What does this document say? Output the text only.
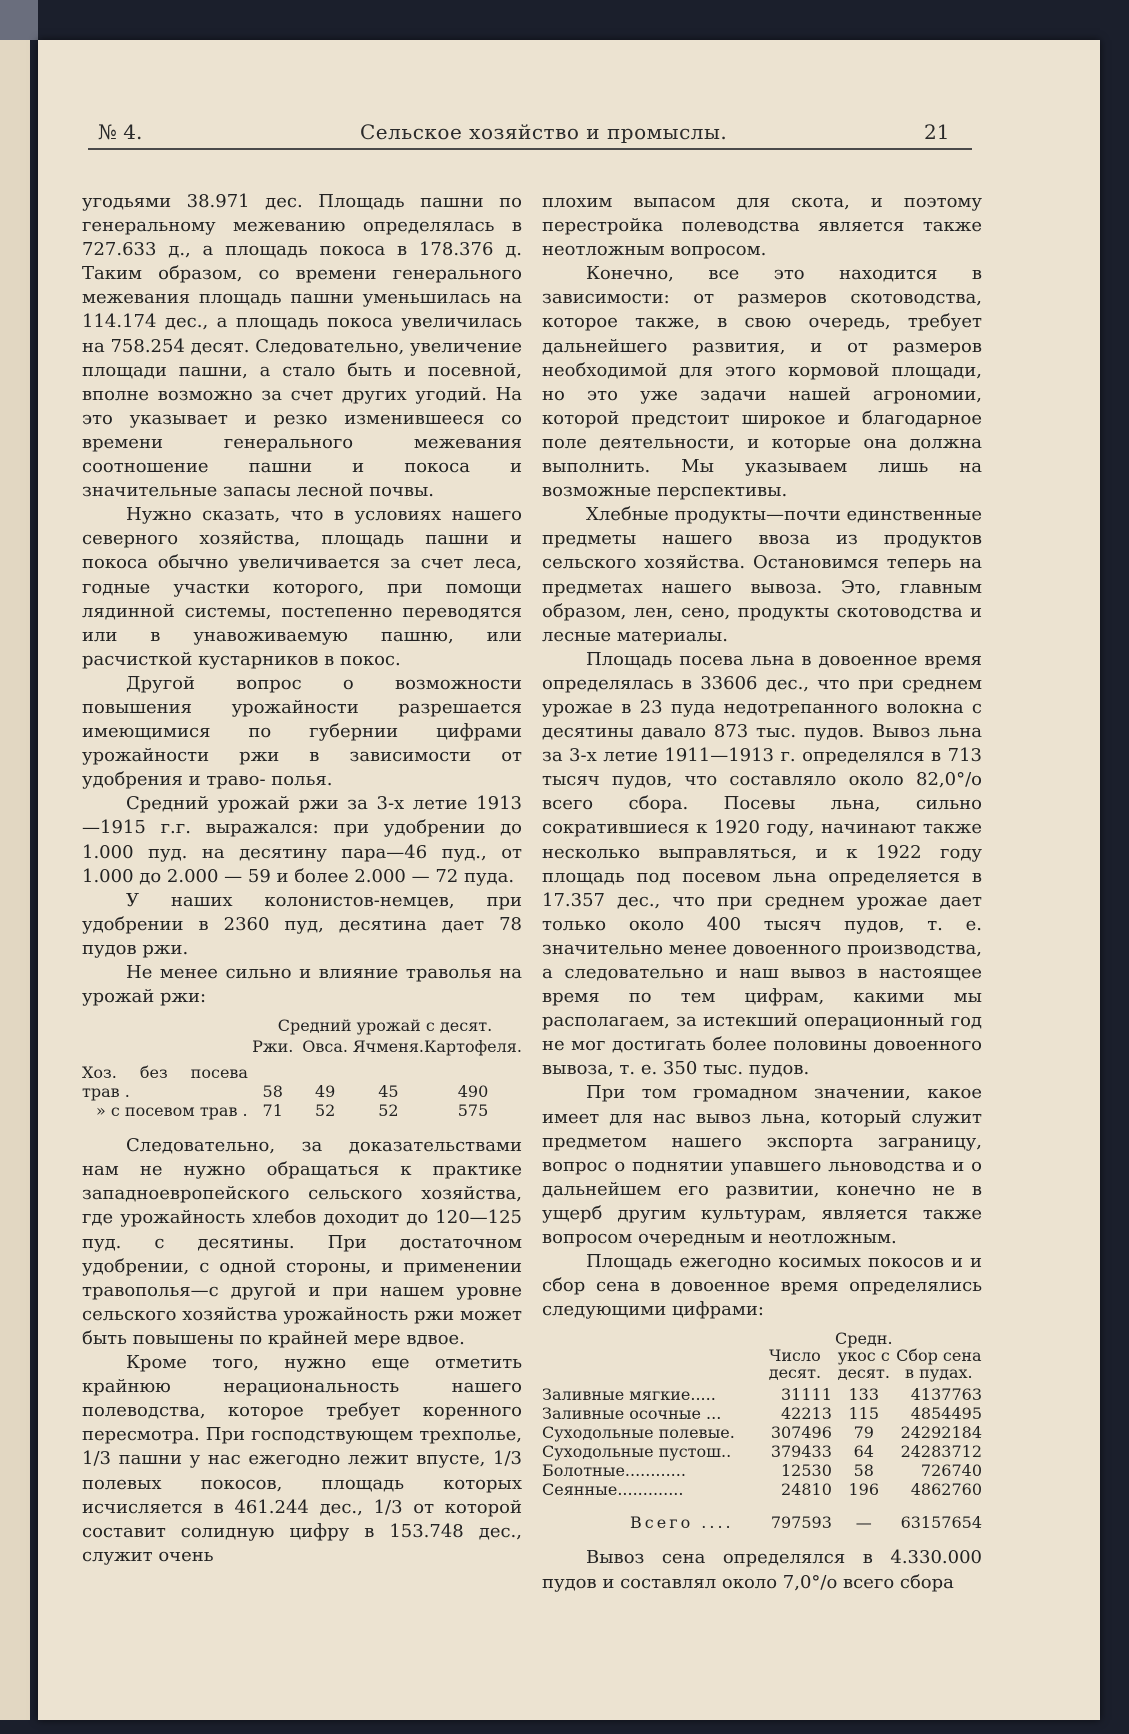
№ 4.	Сельское хозяйство и промыслы.	21

угодьями 38.971 дес. Площадь пашни по генеральному межеванию определялась в 727.633 д., а площадь покоса в 178.376 д. Таким образом, со времени генерального межевания площадь пашни уменьшилась на 114.174 дес., а площадь покоса увеличилась на 758.254 десят. Следовательно, увеличение площади пашни, а стало быть и посевной, вполне возможно за счет других угодий. На это указывает и резко изменившееся со времени генерального межевания соотношение пашни и покоса и значительные запасы лесной почвы.

Нужно сказать, что в условиях нашего северного хозяйства, площадь пашни и покоса обычно увеличивается за счет леса, годные участки которого, при помощи лядинной системы, постепенно переводятся или в унавоживаемую пашню, или расчисткой кустарников в покос.

Другой вопрос о возможности повышения урожайности разрешается имеющимися по губернии цифрами урожайности ржи в зависимости от удобрения и траво- полья.

Средний урожай ржи за 3-х летие 1913—1915 г.г. выражался: при удобрении до 1.000 пуд. на десятину пара—46 пуд., от 1.000 до 2.000 — 59 и более 2.000 — 72 пуда.

У наших колонистов-немцев, при удобрении в 2360 пуд, десятина дает 78 пудов ржи.

Не менее сильно и влияние траволья на урожай ржи:

	Средний урожай с десят.			
	Ржи.	Овса.	Ячменя.	Картофеля.
Хоз. без посева трав .	58	49	45	490
» с посевом трав .	71	52	52	575

Следовательно, за доказательствами нам не нужно обращаться к практике западноевропейского сельского хозяйства, где урожайность хлебов доходит до 120—125 пуд. с десятины. При достаточном удобрении, с одной стороны, и применении травополья—с другой и при нашем уровне сельского хозяйства урожайность ржи может быть повышены по крайней мере вдвое.

Кроме того, нужно еще отметить крайнюю нерациональность нашего полеводства, которое требует коренного пересмотра. При господствующем трехполье, 1/3 пашни у нас ежегодно лежит впусте, 1/3 полевых покосов, площадь которых исчисляется в 461.244 дес., 1/3 от которой составит солидную цифру в 153.748 дес., служит очень

плохим выпасом для скота, и поэтому перестройка полеводства является также неотложным вопросом.

Конечно, все это находится в зависимости: от размеров скотоводства, которое также, в свою очередь, требует дальнейшего развития, и от размеров необходимой для этого кормовой площади, но это уже задачи нашей агрономии, которой предстоит широкое и благодарное поле деятельности, и которые она должна выполнить. Мы указываем лишь на возможные перспективы.

Хлебные продукты—почти единственные предметы нашего ввоза из продуктов сельского хозяйства. Остановимся теперь на предметах нашего вывоза. Это, главным образом, лен, сено, продукты скотоводства и лесные материалы.

Площадь посева льна в довоенное время определялась в 33606 дес., что при среднем урожае в 23 пуда недотрепанного волокна с десятины давало 873 тыс. пудов. Вывоз льна за 3-х летие 1911—1913 г. определялся в 713 тысяч пудов, что составляло около 82,0°/о всего сбора. Посевы льна, сильно сократившиеся к 1920 году, начинают также несколько выправляться, и к 1922 году площадь под посевом льна определяется в 17.357 дес., что при среднем урожае дает только около 400 тысяч пудов, т. е. значительно менее довоенного производства, а следовательно и наш вывоз в настоящее время по тем цифрам, какими мы располагаем, за истекший операционный год не мог достигать более половины довоенного вывоза, т. е. 350 тыс. пудов.

При том громадном значении, какое имеет для нас вывоз льна, который служит предметом нашего экспорта заграницу, вопрос о поднятии упавшего льноводства и о дальнейшем его развитии, конечно не в ущерб другим культурам, является также вопросом очередным и неотложным.

Площадь ежегодно косимых покосов и и сбор сена в довоенное время определялись следующими цифрами:

	Число десят.	Средн. укос с десят.	Сбор сена в пудах.
Заливные мягкие.....	31111	133	4137763
Заливные осочные ...	42213	115	4854495
Суходольные полевые.	307496	79	24292184
Суходольные пустош..	379433	64	24283712
Болотные............	12530	58	726740
Сеянные.............	24810	196	4862760
Всего ....	797593	—	63157654

Вывоз сена определялся в 4.330.000 пудов и составлял около 7,0°/о всего сбора
